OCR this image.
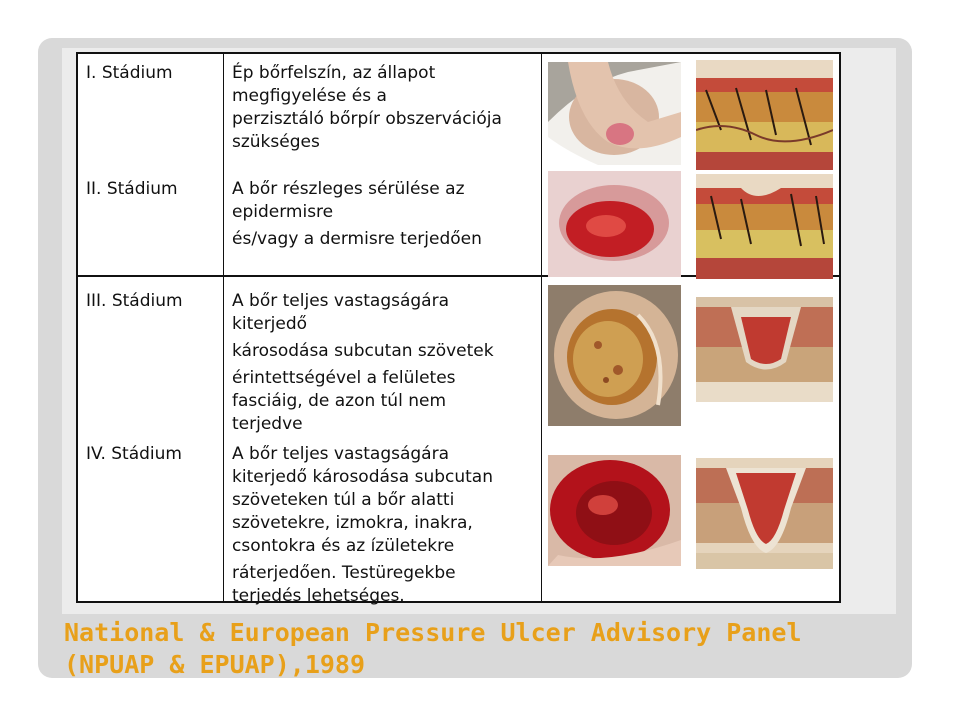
I. Stádium	Ép bőrfelszín, az állapot
megfigyelése és a
perzisztáló bőrpír obszervációja
szükséges
II. Stádium	A bőr részleges sérülése az
epidermisre
és/vagy a dermisre terjedően
III. Stádium	A bőr teljes vastagságára
kiterjedő
károsodása subcutan szövetek
érintettségével a felületes
fasciáig, de azon túl nem
terjedve
IV. Stádium	A bőr teljes vastagságára
kiterjedő károsodása subcutan
szöveteken túl a bőr alatti
szövetekre, izmokra, inakra,
csontokra és az ízületekre
ráterjedően. Testüregekbe
terjedés lehetséges.
National & European Pressure Ulcer Advisory Panel
(NPUAP & EPUAP),1989
